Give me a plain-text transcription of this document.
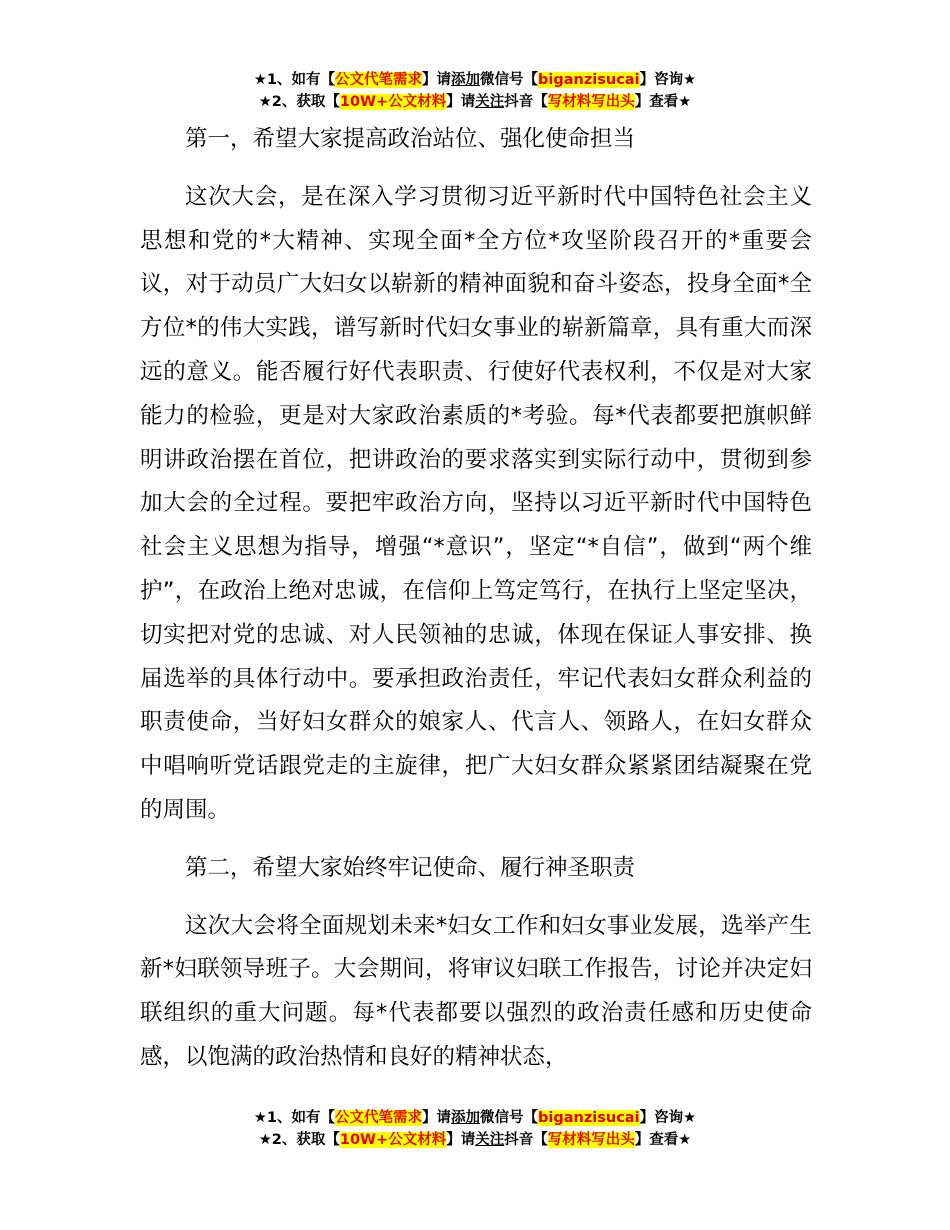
★1、如有【公文代笔需求】请添加微信号【biganzisucai】咨询★
★2、获取【10W+公文材料】请关注抖音【写材料写出头】查看★

第一，希望大家提高政治站位、强化使命担当

这次大会，是在深入学习贯彻习近平新时代中国特色社会主义思想和党的*大精神、实现全面*全方位*攻坚阶段召开的*重要会议，对于动员广大妇女以崭新的精神面貌和奋斗姿态，投身全面*全方位*的伟大实践，谱写新时代妇女事业的崭新篇章，具有重大而深远的意义。能否履行好代表职责、行使好代表权利，不仅是对大家能力的检验，更是对大家政治素质的*考验。每*代表都要把旗帜鲜明讲政治摆在首位，把讲政治的要求落实到实际行动中，贯彻到参加大会的全过程。要把牢政治方向，坚持以习近平新时代中国特色社会主义思想为指导，增强“*意识”，坚定“*自信”，做到“两个维护”，在政治上绝对忠诚，在信仰上笃定笃行，在执行上坚定坚决，切实把对党的忠诚、对人民领袖的忠诚，体现在保证人事安排、换届选举的具体行动中。要承担政治责任，牢记代表妇女群众利益的职责使命，当好妇女群众的娘家人、代言人、领路人，在妇女群众中唱响听党话跟党走的主旋律，把广大妇女群众紧紧团结凝聚在党的周围。

第二，希望大家始终牢记使命、履行神圣职责

这次大会将全面规划未来*妇女工作和妇女事业发展，选举产生新*妇联领导班子。大会期间，将审议妇联工作报告，讨论并决定妇联组织的重大问题。每*代表都要以强烈的政治责任感和历史使命感，以饱满的政治热情和良好的精神状态，

★1、如有【公文代笔需求】请添加微信号【biganzisucai】咨询★
★2、获取【10W+公文材料】请关注抖音【写材料写出头】查看★
